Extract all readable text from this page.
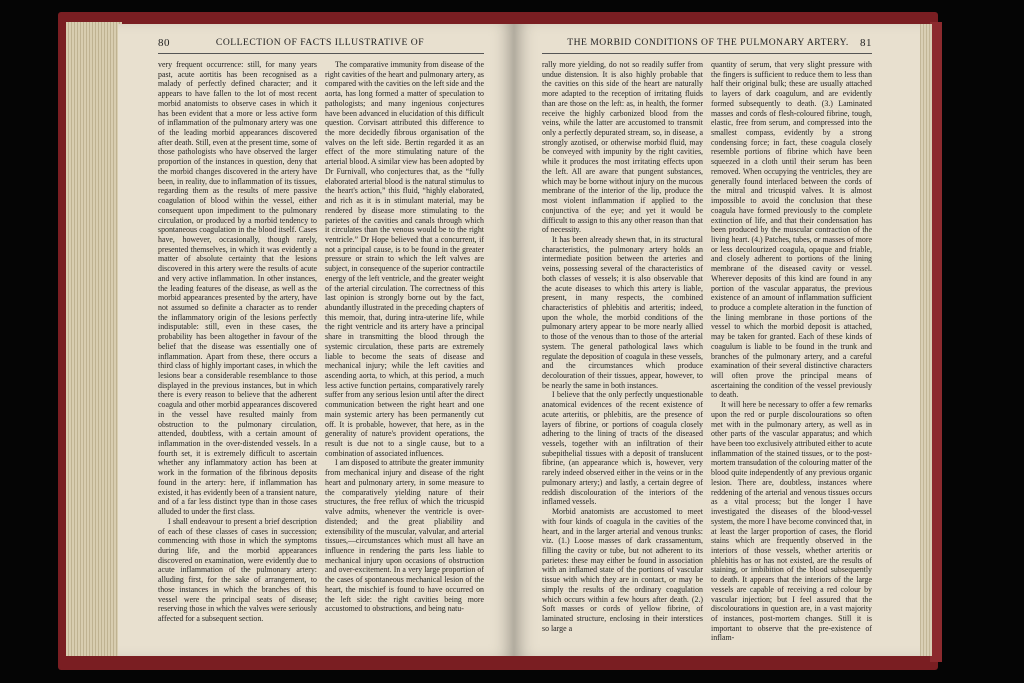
80	COLLECTION OF FACTS ILLUSTRATIVE OF

very frequent occurrence: still, for many years past, acute aortitis has been recognised as a malady of perfectly defined character; and it appears to have fallen to the lot of most recent morbid anatomists to observe cases in which it has been evident that a more or less active form of inflammation of the pulmonary artery was one of the leading morbid appearances discovered after death. Still, even at the present time, some of those pathologists who have observed the larger proportion of the instances in question, deny that the morbid changes discovered in the artery have been, in reality, due to inflammation of its tissues, regarding them as the results of mere passive coagulation of blood within the vessel, either consequent upon impediment to the pulmonary circulation, or produced by a morbid tendency to spontaneous coagulation in the blood itself. Cases have, however, occasionally, though rarely, presented themselves, in which it was evidently a matter of absolute certainty that the lesions discovered in this artery were the results of acute and very active inflammation. In other instances, the leading features of the disease, as well as the morbid appearances presented by the artery, have not assumed so definite a character as to render the inflammatory origin of the lesions perfectly indisputable: still, even in these cases, the probability has been altogether in favour of the belief that the disease was essentially one of inflammation. Apart from these, there occurs a third class of highly important cases, in which the lesions bear a considerable resemblance to those displayed in the previous instances, but in which there is every reason to believe that the adherent coagula and other morbid appearances discovered in the vessel have resulted mainly from obstruction to the pulmonary circulation, attended, doubtless, with a certain amount of inflammation in the over-distended vessels. In a fourth set, it is extremely difficult to ascertain whether any inflammatory action has been at work in the formation of the fibrinous deposits found in the artery: here, if inflammation has existed, it has evidently been of a transient nature, and of a far less distinct type than in those cases alluded to under the first class.

I shall endeavour to present a brief description of each of these classes of cases in succession; commencing with those in which the symptoms during life, and the morbid appearances discovered on examination, were evidently due to acute inflammation of the pulmonary artery: alluding first, for the sake of arrangement, to those instances in which the branches of this vessel were the principal seats of disease; reserving those in which the valves were seriously affected for a subsequent section.

The comparative immunity from disease of the right cavities of the heart and pulmonary artery, as compared with the cavities on the left side and the aorta, has long formed a matter of speculation to pathologists; and many ingenious conjectures have been advanced in elucidation of this difficult question. Corvisart attributed this difference to the more decidedly fibrous organisation of the valves on the left side. Bertin regarded it as an effect of the more stimulating nature of the arterial blood. A similar view has been adopted by Dr Furnivall, who conjectures that, as the “fully elaborated arterial blood is the natural stimulus to the heart's action,” this fluid, “highly elaborated, and rich as it is in stimulant material, may be rendered by disease more stimulating to the parietes of the cavities and canals through which it circulates than the venous would be to the right ventricle.” Dr Hope believed that a concurrent, if not a principal cause, is to be found in the greater pressure or strain to which the left valves are subject, in consequence of the superior contractile energy of the left ventricle, and the greater weight of the arterial circulation. The correctness of this last opinion is strongly borne out by the fact, abundantly illustrated in the preceding chapters of this memoir, that, during intra-uterine life, while the right ventricle and its artery have a principal share in transmitting the blood through the systemic circulation, these parts are extremely liable to become the seats of disease and mechanical injury; while the left cavities and ascending aorta, to which, at this period, a much less active function pertains, comparatively rarely suffer from any serious lesion until after the direct communication between the right heart and one main systemic artery has been permanently cut off. It is probable, however, that here, as in the generality of nature's provident operations, the result is due not to a single cause, but to a combination of associated influences.

I am disposed to attribute the greater immunity from mechanical injury and disease of the right heart and pulmonary artery, in some measure to the comparatively yielding nature of their structures, the free reflux of which the tricuspid valve admits, whenever the ventricle is over-distended; and the great pliability and extensibility of the muscular, valvular, and arterial tissues,—circumstances which must all have an influence in rendering the parts less liable to mechanical injury upon occasions of obstruction and over-excitement. In a very large proportion of the cases of spontaneous mechanical lesion of the heart, the mischief is found to have occurred on the left side: the right cavities being more accustomed to obstructions, and being natu-

THE MORBID CONDITIONS OF THE PULMONARY ARTERY. 81

rally more yielding, do not so readily suffer from undue distension. It is also highly probable that the cavities on this side of the heart are naturally more adapted to the reception of irritating fluids than are those on the left: as, in health, the former receive the highly carbonized blood from the veins, while the latter are accustomed to transmit only a perfectly depurated stream, so, in disease, a strongly azotised, or otherwise morbid fluid, may be conveyed with impunity by the right cavities, while it produces the most irritating effects upon the left. All are aware that pungent substances, which may be borne without injury on the mucous membrane of the interior of the lip, produce the most violent inflammation if applied to the conjunctiva of the eye; and yet it would be difficult to assign to this any other reason than that of necessity.

It has been already shewn that, in its structural characteristics, the pulmonary artery holds an intermediate position between the arteries and veins, possessing several of the characteristics of both classes of vessels; it is also observable that the acute diseases to which this artery is liable, present, in many respects, the combined characteristics of phlebitis and arteritis; indeed, upon the whole, the morbid conditions of the pulmonary artery appear to be more nearly allied to those of the venous than to those of the arterial system. The general pathological laws which regulate the deposition of coagula in these vessels, and the circumstances which produce decolouration of their tissues, appear, however, to be nearly the same in both instances.

I believe that the only perfectly unquestionable anatomical evidences of the recent existence of acute arteritis, or phlebitis, are the presence of layers of fibrine, or portions of coagula closely adhering to the lining of tracts of the diseased vessels, together with an infiltration of their subepithelial tissues with a deposit of translucent fibrine, (an appearance which is, however, very rarely indeed observed either in the veins or in the pulmonary artery;) and lastly, a certain degree of reddish discolouration of the interiors of the inflamed vessels.

Morbid anatomists are accustomed to meet with four kinds of coagula in the cavities of the heart, and in the larger arterial and venous trunks: viz. (1.) Loose masses of dark crassamentum, filling the cavity or tube, but not adherent to its parietes: these may either be found in association with an inflamed state of the portions of vascular tissue with which they are in contact, or may be simply the results of the ordinary coagulation which occurs within a few hours after death. (2.) Soft masses or cords of yellow fibrine, of laminated structure, enclosing in their interstices so large a

quantity of serum, that very slight pressure with the fingers is sufficient to reduce them to less than half their original bulk; these are usually attached to layers of dark coagulum, and are evidently formed subsequently to death. (3.) Laminated masses and cords of flesh-coloured fibrine, tough, elastic, free from serum, and compressed into the smallest compass, evidently by a strong condensing force; in fact, these coagula closely resemble portions of fibrine which have been squeezed in a cloth until their serum has been removed. When occupying the ventricles, they are generally found interlaced between the cords of the mitral and tricuspid valves. It is almost impossible to avoid the conclusion that these coagula have formed previously to the complete extinction of life, and that their condensation has been produced by the muscular contraction of the living heart. (4.) Patches, tubes, or masses of more or less decolourized coagula, opaque and friable, and closely adherent to portions of the lining membrane of the diseased cavity or vessel. Wherever deposits of this kind are found in any portion of the vascular apparatus, the previous existence of an amount of inflammation sufficient to produce a complete alteration in the function of the lining membrane in those portions of the vessel to which the morbid deposit is attached, may be taken for granted. Each of these kinds of coagulum is liable to be found in the trunk and branches of the pulmonary artery, and a careful examination of their several distinctive characters will often prove the principal means of ascertaining the condition of the vessel previously to death.

It will here be necessary to offer a few remarks upon the red or purple discolourations so often met with in the pulmonary artery, as well as in other parts of the vascular apparatus; and which have been too exclusively attributed either to acute inflammation of the stained tissues, or to the post-mortem transudation of the colouring matter of the blood quite independently of any previous organic lesion. There are, doubtless, instances where reddening of the arterial and venous tissues occurs as a vital process; but the longer I have investigated the diseases of the blood-vessel system, the more I have become convinced that, in at least the larger proportion of cases, the florid stains which are frequently observed in the interiors of those vessels, whether arteritis or phlebitis has or has not existed, are the results of staining, or imbibition of the blood subsequently to death. It appears that the interiors of the large vessels are capable of receiving a red colour by vascular injection; but I feel assured that the discolourations in question are, in a vast majority of instances, post-mortem changes. Still it is important to observe that the pre-existence of inflam-
